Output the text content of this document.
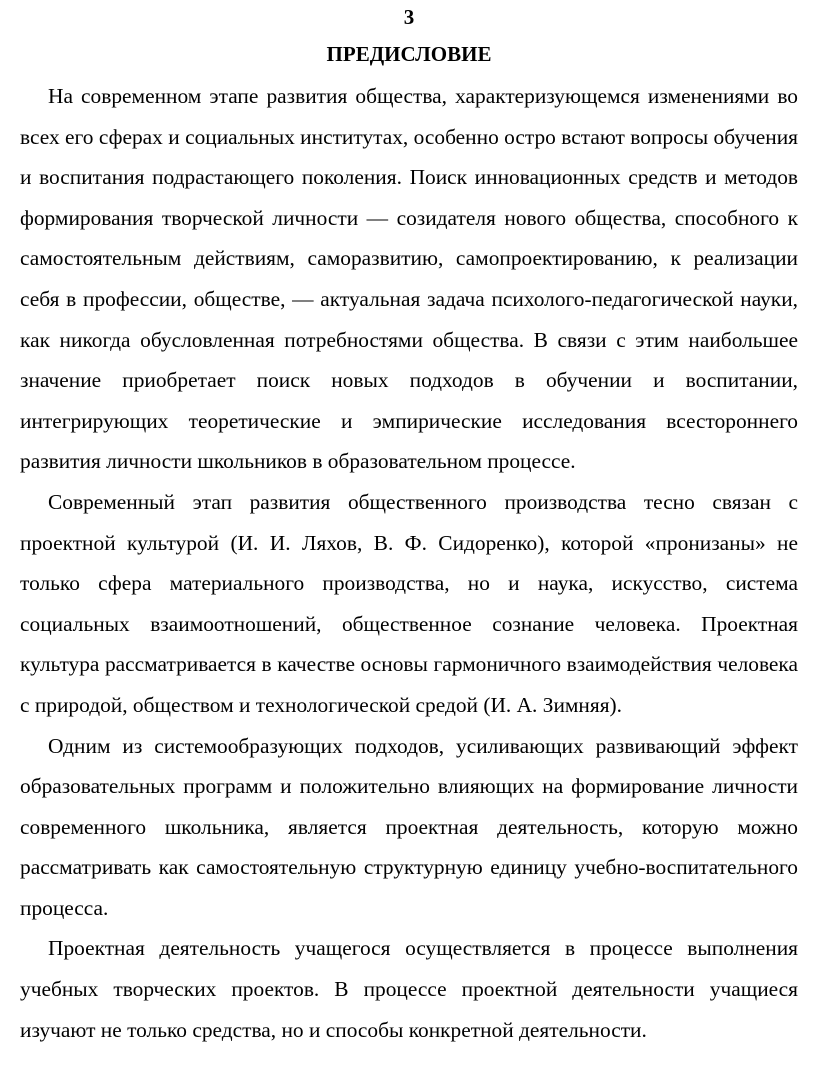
3
ПРЕДИСЛОВИЕ

На современном этапе развития общества, характеризующемся изменениями во всех его сферах и социальных институтах, особенно остро встают вопросы обучения и воспитания подрастающего поколения. Поиск инновационных средств и методов формирования творческой личности — созидателя нового общества, способного к самостоятельным действиям, саморазвитию, самопроектированию, к реализации себя в профессии, обществе, — актуальная задача психолого-педагогической науки, как никогда обусловленная потребностями общества. В связи с этим наибольшее значение приобретает поиск новых подходов в обучении и воспитании, интегрирующих теоретические и эмпирические исследования всестороннего развития личности школьников в образовательном процессе.

Современный этап развития общественного производства тесно связан с проектной культурой (И. И. Ляхов, В. Ф. Сидоренко), которой «пронизаны» не только сфера материального производства, но и наука, искусство, система социальных взаимоотношений, общественное сознание человека. Проектная культура рассматривается в качестве основы гармоничного взаимодействия человека с природой, обществом и технологической средой (И. А. Зимняя).

Одним из системообразующих подходов, усиливающих развивающий эффект образовательных программ и положительно влияющих на формирование личности современного школьника, является проектная деятельность, которую можно рассматривать как самостоятельную структурную единицу учебно-воспитательного процесса.

Проектная деятельность учащегося осуществляется в процессе выполнения учебных творческих проектов. В процессе проектной деятельности учащиеся изучают не только средства, но и способы конкретной деятельности.
